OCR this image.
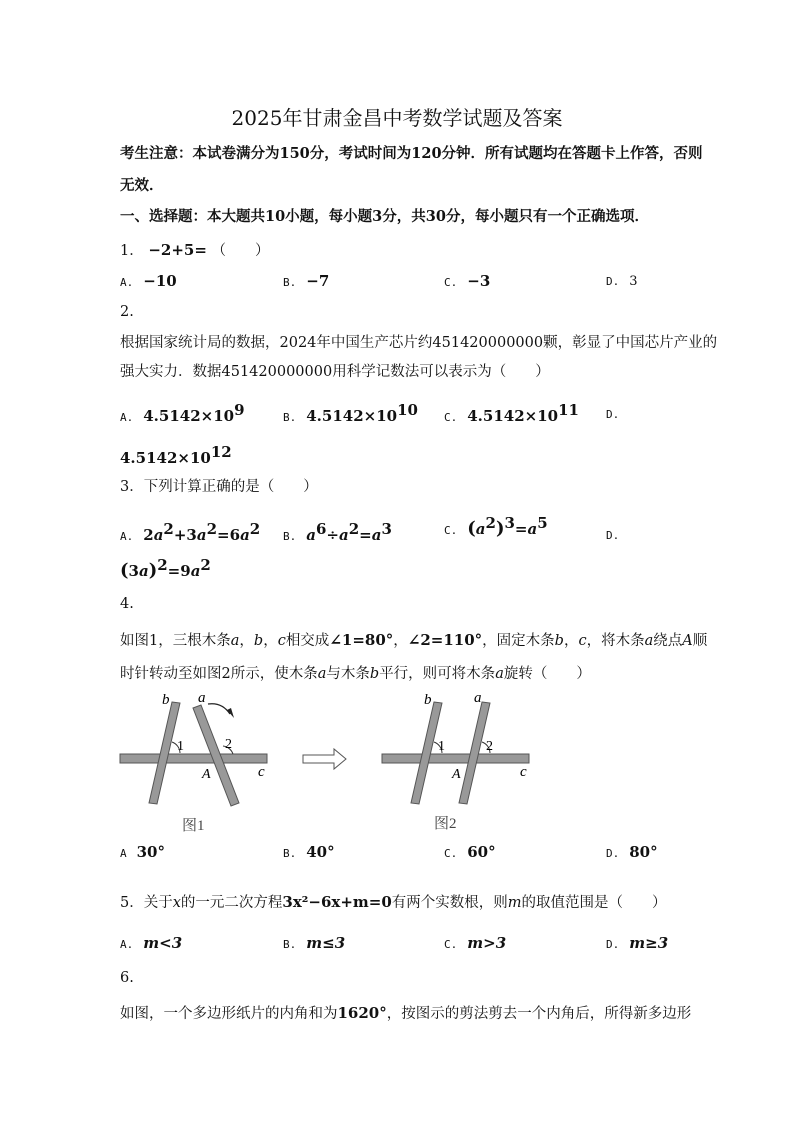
2025年甘肃金昌中考数学试题及答案
考生注意：本试卷满分为150分，考试时间为120分钟．所有试题均在答题卡上作答，否则
无效．
一、选择题：本大题共10小题，每小题3分，共30分，每小题只有一个正确选项．
1． −2+5= （　　）
A. −10	B. −7	C. −3	D. 3
2.
根据国家统计局的数据，2024年中国生产芯片约451420000000颗，彰显了中国芯片产业的
强大实力．数据451420000000用科学记数法可以表示为（　　）
A. $4.5142\times 10^9$	B. $4.5142\times 10^{10}$ C. $4.5142\times 10^{11}$ D.
$4.5142\times 10^{12}$
3．下列计算正确的是（　　）
A. $2a^2+3a^2=6a^2$ B. $a^6\div a^2=a^3$	C. $(a^2)^3=a^5$
D.
$(3a)^2=9a^2$
4.
如图1，三根木条a，b，c相交成∠1=80°，∠2=110°，固定木条b，c，将木条a绕点A顺
时针转动至如图2所示，使木条a与木条b平行，则可将木条a旋转（　　）
b a
1	2
A	c
图1
b	a
1	2
A	c
图2
A 30°	B. 40°	C. 60°	D. 80°
5．关于x的一元二次方程3x²−6x+m=0有两个实数根，则m的取值范围是（　　）
A. m<3	B. m≤3	C. m>3	D. m≥3
6.
如图，一个多边形纸片的内角和为1620°，按图示的剪法剪去一个内角后，所得新多边形
